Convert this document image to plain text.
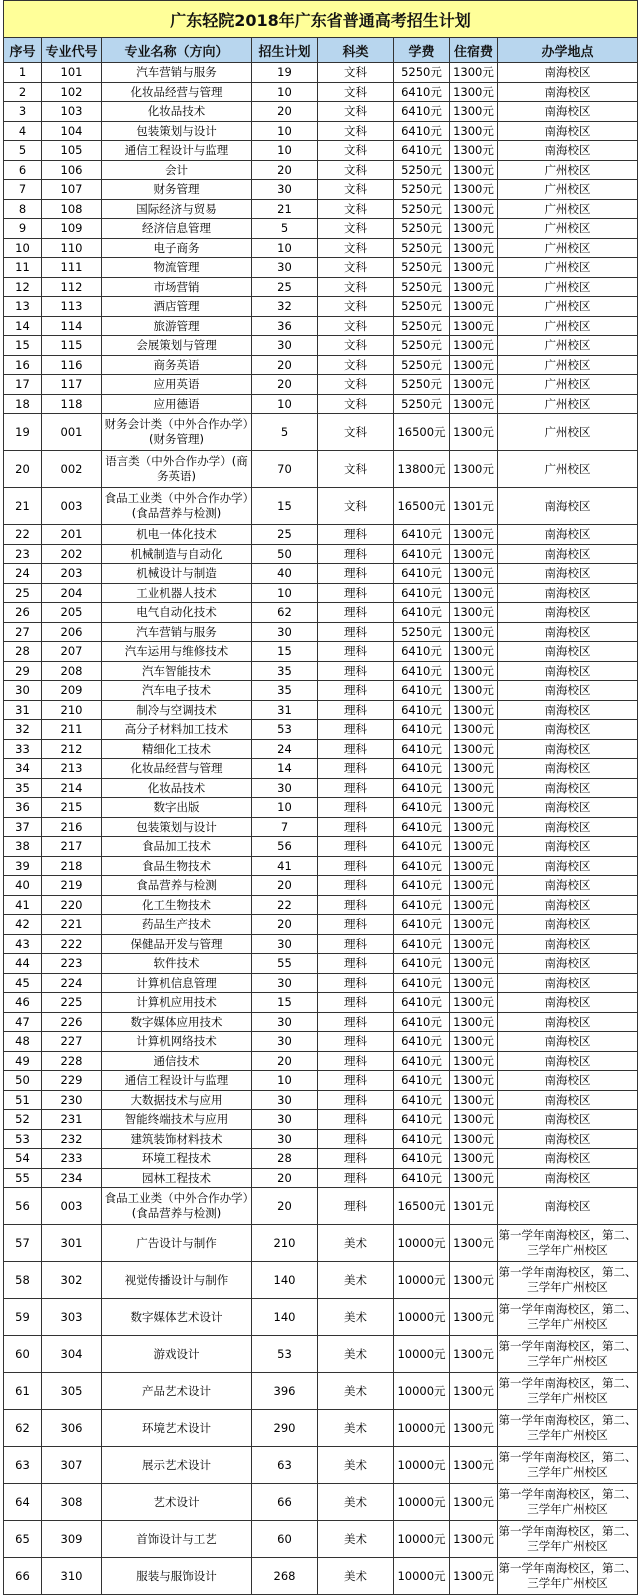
广东轻院2018年广东省普通高考招生计划							
序号	专业代号	专业名称（方向）	招生计划	科类	学费	住宿费	办学地点
1	101	汽车营销与服务	19	文科	5250元	1300元	南海校区
2	102	化妆品经营与管理	10	文科	6410元	1300元	南海校区
3	103	化妆品技术	20	文科	6410元	1300元	南海校区
4	104	包装策划与设计	10	文科	6410元	1300元	南海校区
5	105	通信工程设计与监理	10	文科	6410元	1300元	南海校区
6	106	会计	20	文科	5250元	1300元	广州校区
7	107	财务管理	30	文科	5250元	1300元	广州校区
8	108	国际经济与贸易	21	文科	5250元	1300元	广州校区
9	109	经济信息管理	5	文科	5250元	1300元	广州校区
10	110	电子商务	10	文科	5250元	1300元	广州校区
11	111	物流管理	30	文科	5250元	1300元	广州校区
12	112	市场营销	25	文科	5250元	1300元	广州校区
13	113	酒店管理	32	文科	5250元	1300元	广州校区
14	114	旅游管理	36	文科	5250元	1300元	广州校区
15	115	会展策划与管理	30	文科	5250元	1300元	广州校区
16	116	商务英语	20	文科	5250元	1300元	广州校区
17	117	应用英语	20	文科	5250元	1300元	广州校区
18	118	应用德语	10	文科	5250元	1300元	广州校区
19	001	财务会计类（中外合作办学）(财务管理)	5	文科	16500元	1300元	广州校区
20	002	语言类（中外合作办学）(商务英语)	70	文科	13800元	1300元	广州校区
21	003	食品工业类（中外合作办学）(食品营养与检测)	15	文科	16500元	1301元	南海校区
22	201	机电一体化技术	25	理科	6410元	1300元	南海校区
23	202	机械制造与自动化	50	理科	6410元	1300元	南海校区
24	203	机械设计与制造	40	理科	6410元	1300元	南海校区
25	204	工业机器人技术	10	理科	6410元	1300元	南海校区
26	205	电气自动化技术	62	理科	6410元	1300元	南海校区
27	206	汽车营销与服务	30	理科	5250元	1300元	南海校区
28	207	汽车运用与维修技术	15	理科	6410元	1300元	南海校区
29	208	汽车智能技术	35	理科	6410元	1300元	南海校区
30	209	汽车电子技术	35	理科	6410元	1300元	南海校区
31	210	制冷与空调技术	31	理科	6410元	1300元	南海校区
32	211	高分子材料加工技术	53	理科	6410元	1300元	南海校区
33	212	精细化工技术	24	理科	6410元	1300元	南海校区
34	213	化妆品经营与管理	14	理科	6410元	1300元	南海校区
35	214	化妆品技术	30	理科	6410元	1300元	南海校区
36	215	数字出版	10	理科	6410元	1300元	南海校区
37	216	包装策划与设计	7	理科	6410元	1300元	南海校区
38	217	食品加工技术	56	理科	6410元	1300元	南海校区
39	218	食品生物技术	41	理科	6410元	1300元	南海校区
40	219	食品营养与检测	20	理科	6410元	1300元	南海校区
41	220	化工生物技术	22	理科	6410元	1300元	南海校区
42	221	药品生产技术	20	理科	6410元	1300元	南海校区
43	222	保健品开发与管理	30	理科	6410元	1300元	南海校区
44	223	软件技术	55	理科	6410元	1300元	南海校区
45	224	计算机信息管理	30	理科	6410元	1300元	南海校区
46	225	计算机应用技术	15	理科	6410元	1300元	南海校区
47	226	数字媒体应用技术	30	理科	6410元	1300元	南海校区
48	227	计算机网络技术	30	理科	6410元	1300元	南海校区
49	228	通信技术	20	理科	6410元	1300元	南海校区
50	229	通信工程设计与监理	10	理科	6410元	1300元	南海校区
51	230	大数据技术与应用	30	理科	6410元	1300元	南海校区
52	231	智能终端技术与应用	30	理科	6410元	1300元	南海校区
53	232	建筑装饰材料技术	30	理科	6410元	1300元	南海校区
54	233	环境工程技术	28	理科	6410元	1300元	南海校区
55	234	园林工程技术	20	理科	6410元	1300元	南海校区
56	003	食品工业类（中外合作办学）(食品营养与检测)	20	理科	16500元	1301元	南海校区
57	301	广告设计与制作	210	美术	10000元	1300元	第一学年南海校区，第二、三学年广州校区
58	302	视觉传播设计与制作	140	美术	10000元	1300元	第一学年南海校区，第二、三学年广州校区
59	303	数字媒体艺术设计	140	美术	10000元	1300元	第一学年南海校区，第二、三学年广州校区
60	304	游戏设计	53	美术	10000元	1300元	第一学年南海校区，第二、三学年广州校区
61	305	产品艺术设计	396	美术	10000元	1300元	第一学年南海校区，第二、三学年广州校区
62	306	环境艺术设计	290	美术	10000元	1300元	第一学年南海校区，第二、三学年广州校区
63	307	展示艺术设计	63	美术	10000元	1300元	第一学年南海校区，第二、三学年广州校区
64	308	艺术设计	66	美术	10000元	1300元	第一学年南海校区，第二、三学年广州校区
65	309	首饰设计与工艺	60	美术	10000元	1300元	第一学年南海校区，第二、三学年广州校区
66	310	服装与服饰设计	268	美术	10000元	1300元	第一学年南海校区，第二、三学年广州校区
